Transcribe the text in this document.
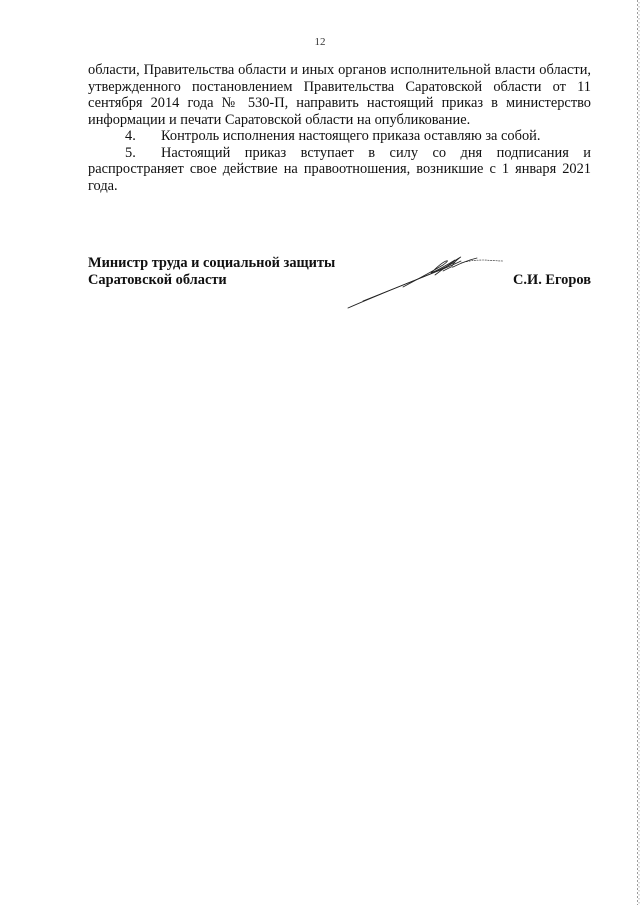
12

области, Правительства области и иных органов исполнительной власти области, утвержденного постановлением Правительства Саратовской области от 11 сентября 2014 года № 530-П, направить настоящий приказ в министерство информации и печати Саратовской области на опубликование.

4. Контроль исполнения настоящего приказа оставляю за собой.

5. Настоящий приказ вступает в силу со дня подписания и распространяет свое действие на правоотношения, возникшие с 1 января 2021 года.

Министр труда и социальной защиты
Саратовской области	С.И. Егоров
